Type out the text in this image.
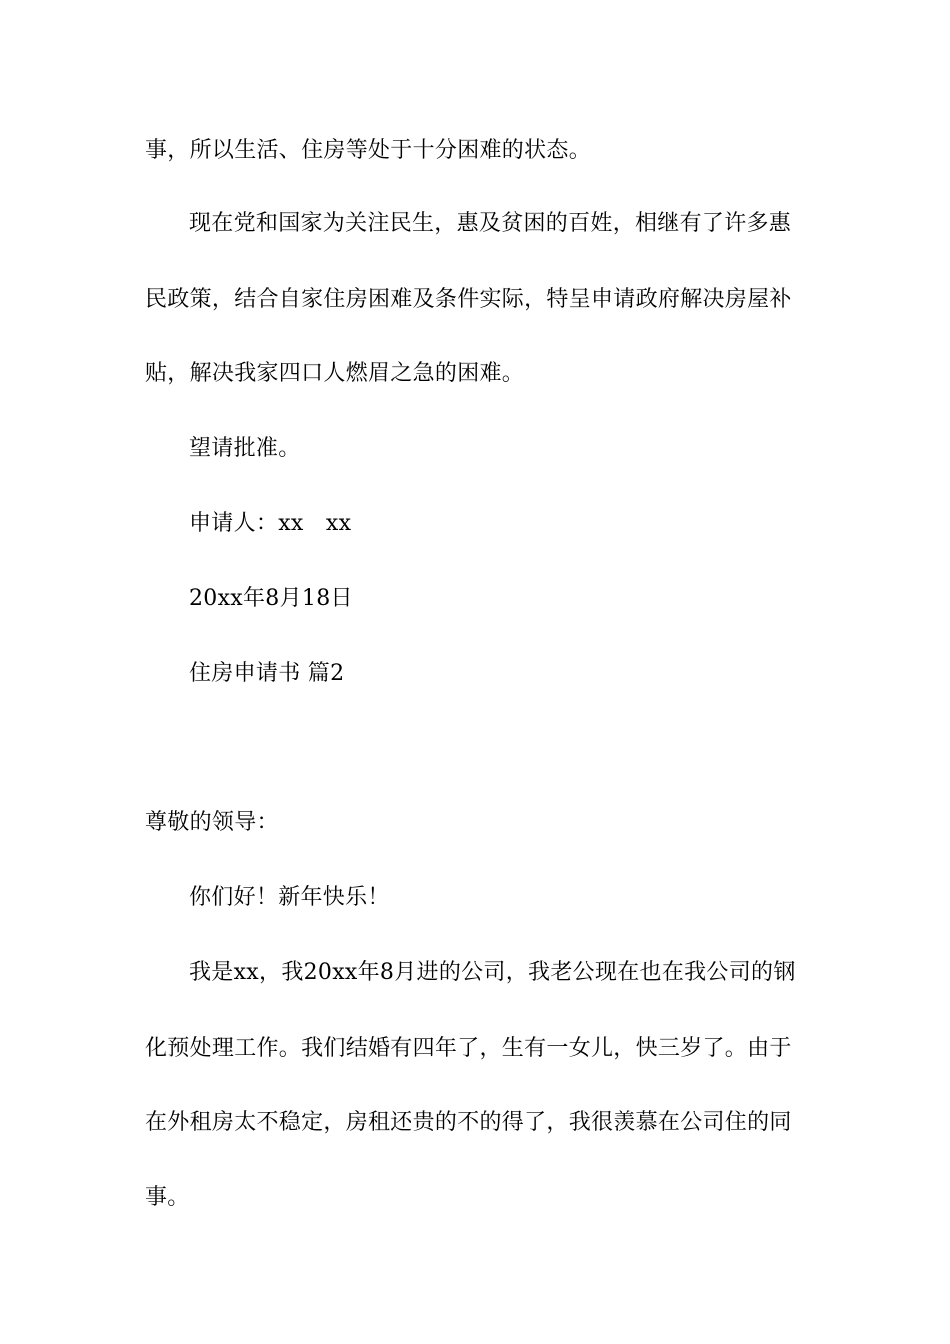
事，所以生活、住房等处于十分困难的状态。
现在党和国家为关注民生，惠及贫困的百姓，相继有了许多惠
民政策，结合自家住房困难及条件实际，特呈申请政府解决房屋补
贴，解决我家四口人燃眉之急的困难。
望请批准。
申请人：xx　xx
20xx年8月18日
住房申请书 篇2
尊敬的领导：
你们好！新年快乐！
我是xx，我20xx年8月进的公司，我老公现在也在我公司的钢
化预处理工作。我们结婚有四年了，生有一女儿，快三岁了。由于
在外租房太不稳定，房租还贵的不的得了，我很羡慕在公司住的同
事。
